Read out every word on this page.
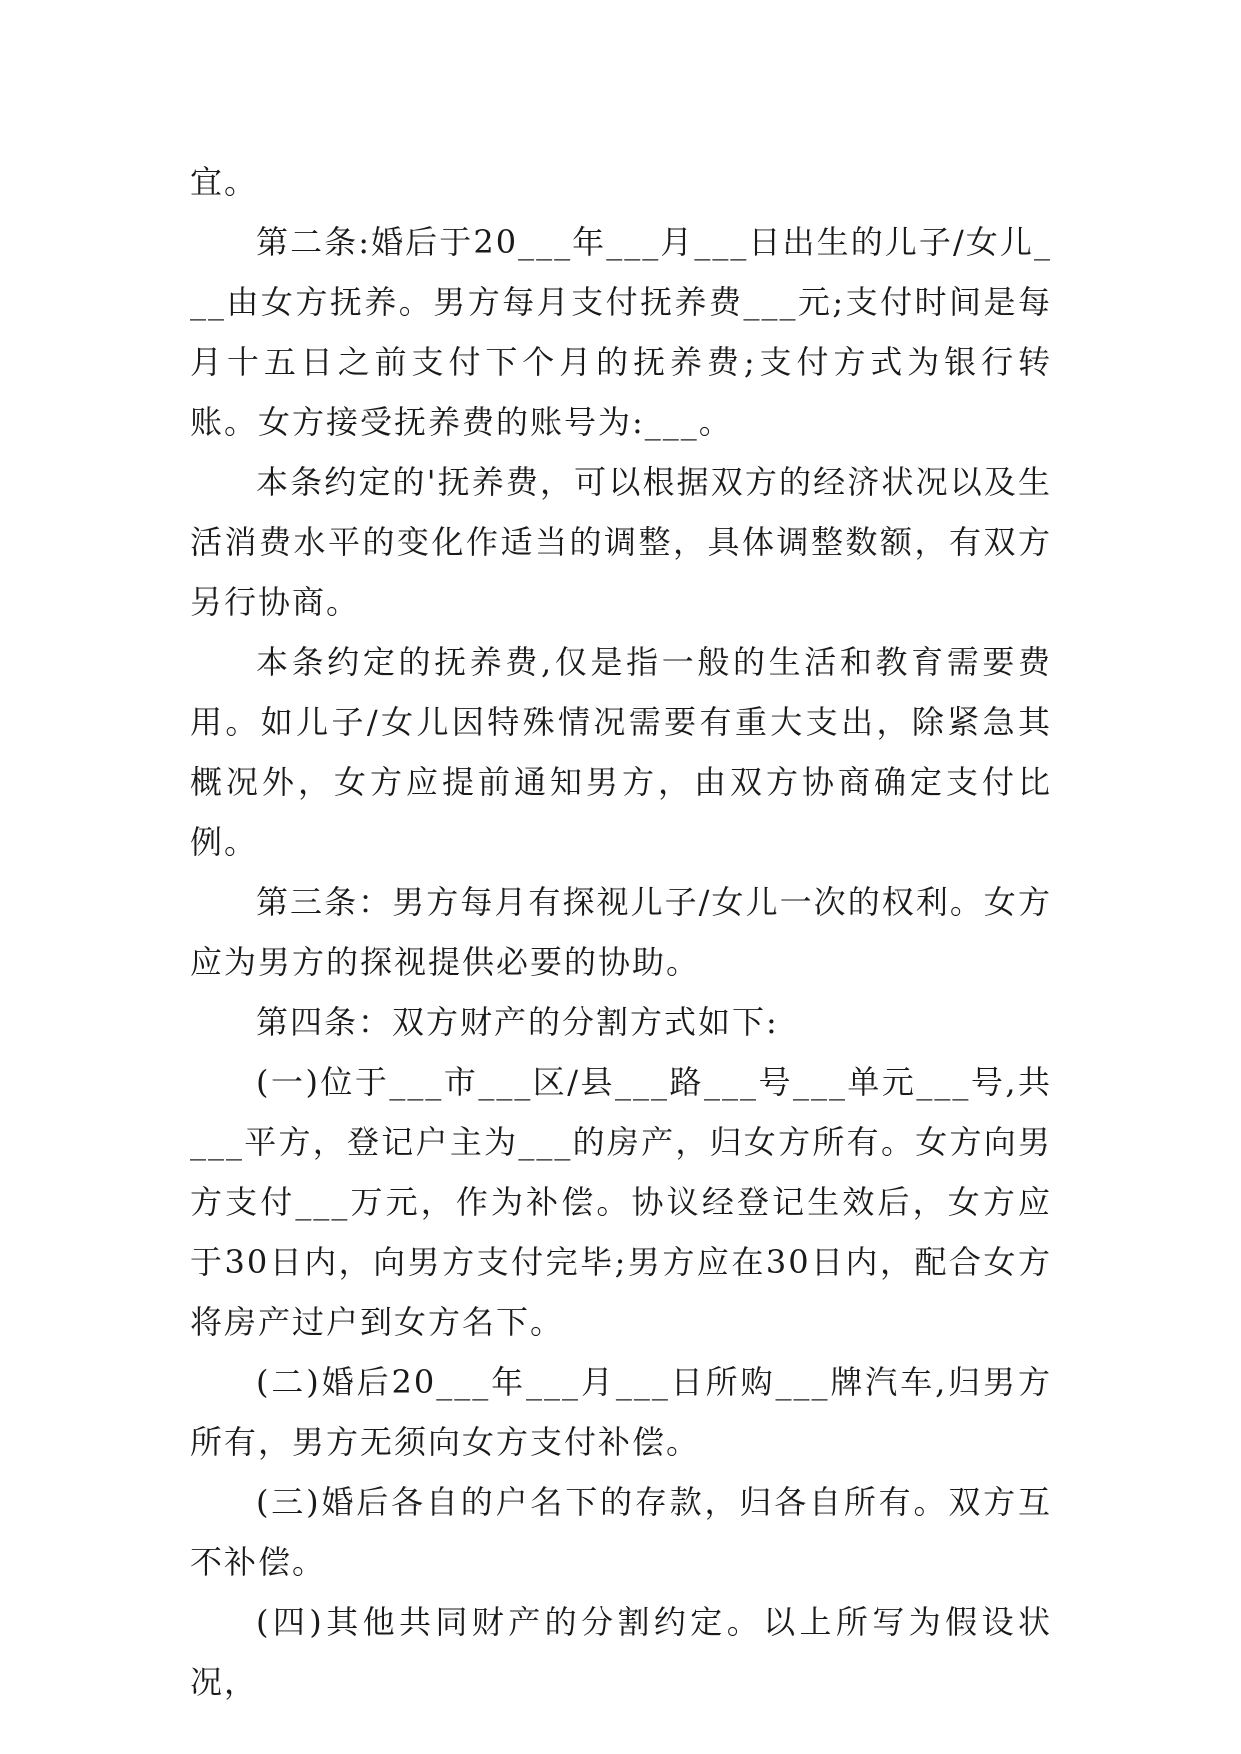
宜。

第二条:婚后于20___年___月___日出生的儿子/女儿___由女方抚养。男方每月支付抚养费___元;支付时间是每月十五日之前支付下个月的抚养费;支付方式为银行转账。女方接受抚养费的账号为:___。

本条约定的'抚养费，可以根据双方的经济状况以及生活消费水平的变化作适当的调整，具体调整数额，有双方另行协商。

本条约定的抚养费,仅是指一般的生活和教育需要费用。如儿子/女儿因特殊情况需要有重大支出，除紧急其概况外，女方应提前通知男方，由双方协商确定支付比例。

第三条：男方每月有探视儿子/女儿一次的权利。女方应为男方的探视提供必要的协助。

第四条：双方财产的分割方式如下:

(一)位于___市___区/县___路___号___单元___号,共___平方，登记户主为___的房产，归女方所有。女方向男方支付___万元，作为补偿。协议经登记生效后，女方应于30日内，向男方支付完毕;男方应在30日内，配合女方将房产过户到女方名下。

(二)婚后20___年___月___日所购___牌汽车,归男方所有，男方无须向女方支付补偿。

(三)婚后各自的户名下的存款，归各自所有。双方互不补偿。

(四)其他共同财产的分割约定。以上所写为假设状况，
